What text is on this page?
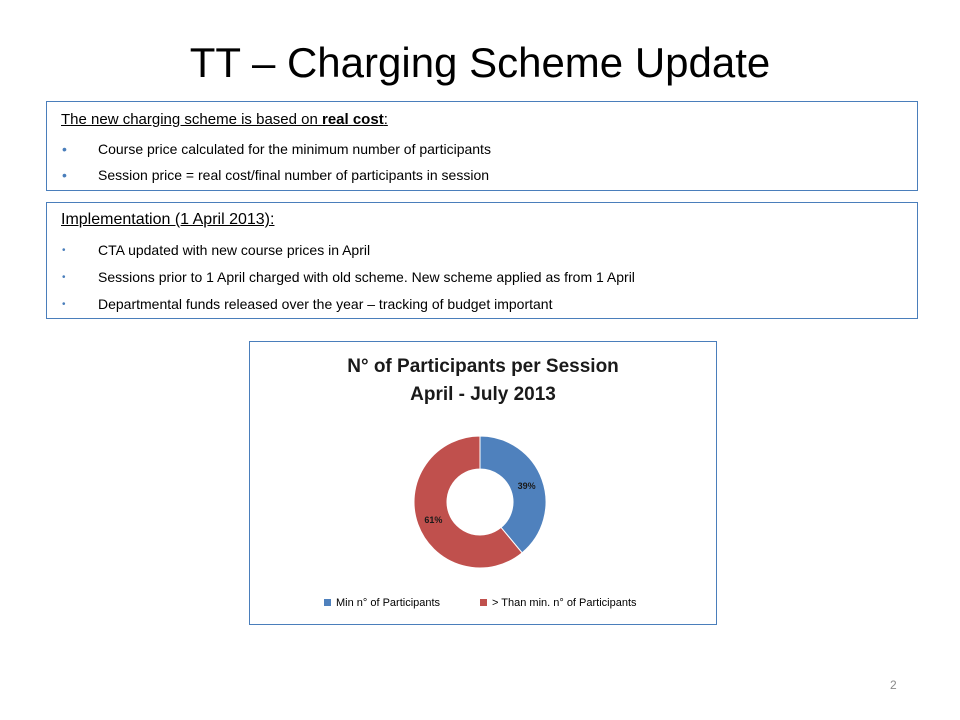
TT – Charging Scheme Update
The new charging scheme is based on real cost:
• Course price calculated for the minimum number of participants
• Session price = real cost/final number of participants in session
Implementation (1 April 2013):
• CTA updated with new course prices in April
• Sessions prior to 1 April charged with old scheme. New scheme applied as from 1 April
• Departmental funds released over the year – tracking of budget important
N° of Participants per Session
April - July 2013
39%
61%
Min n° of Participants	> Than min. n° of Participants
2
